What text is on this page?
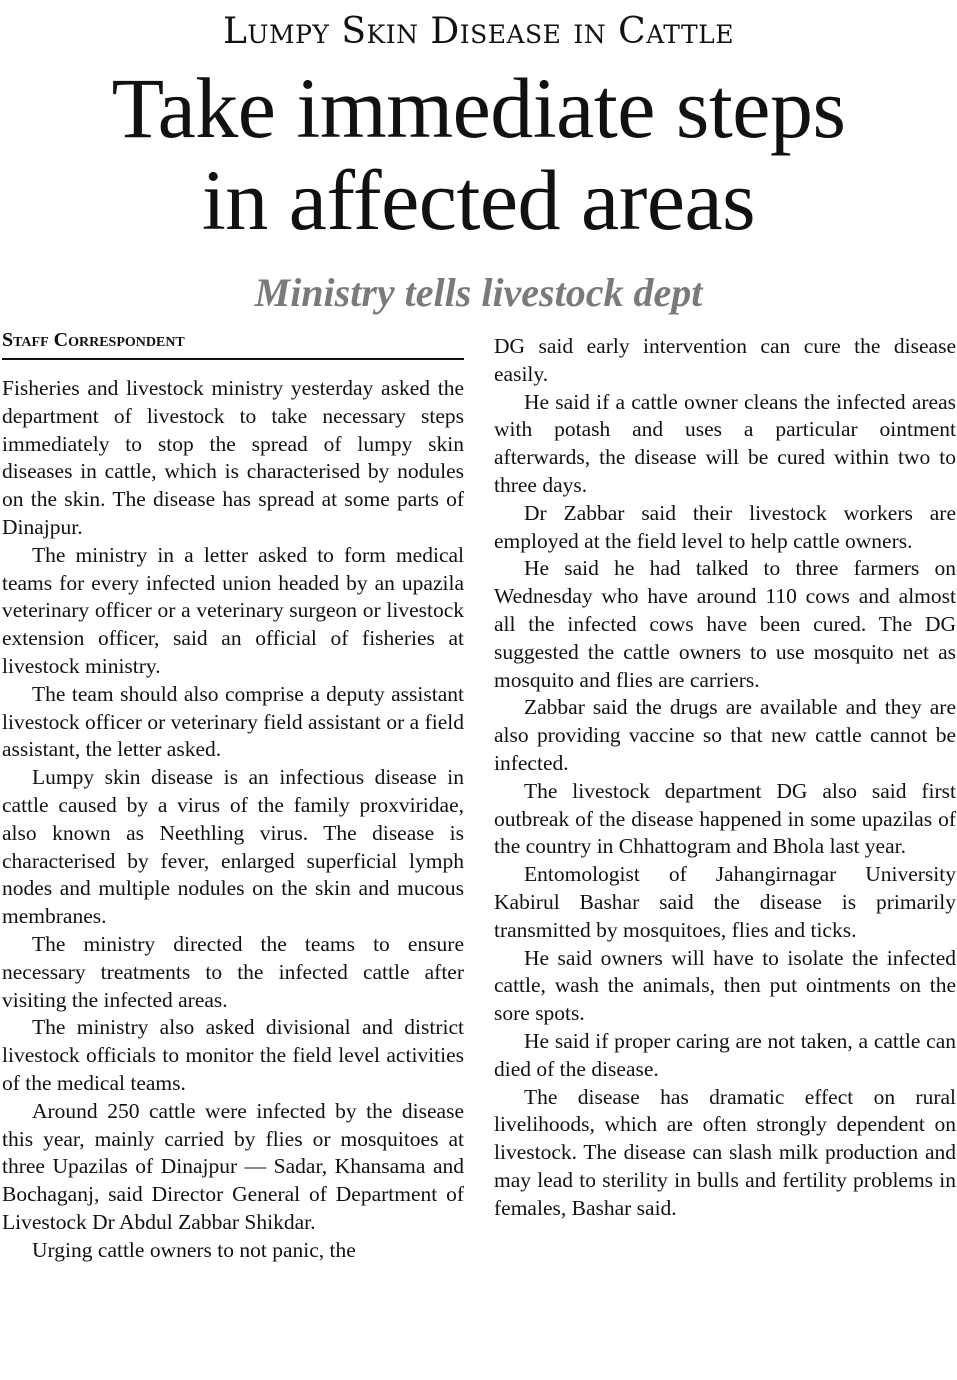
Lumpy Skin Disease in Cattle
Take immediate steps
in affected areas
Ministry tells livestock dept
Staff Correspondent

Fisheries and livestock ministry yesterday asked the department of livestock to take necessary steps immediately to stop the spread of lumpy skin diseases in cattle, which is characterised by nodules on the skin. The disease has spread at some parts of Dinajpur.

The ministry in a letter asked to form medical teams for every infected union headed by an upazila veterinary officer or a veterinary surgeon or livestock extension officer, said an official of fisheries at livestock ministry.

The team should also comprise a deputy assistant livestock officer or veterinary field assistant or a field assistant, the letter asked.

Lumpy skin disease is an infectious disease in cattle caused by a virus of the family proxviridae, also known as Neethling virus. The disease is characterised by fever, enlarged superficial lymph nodes and multiple nodules on the skin and mucous membranes.

The ministry directed the teams to ensure necessary treatments to the infected cattle after visiting the infected areas.

The ministry also asked divisional and district livestock officials to monitor the field level activities of the medical teams.

Around 250 cattle were infected by the disease this year, mainly carried by flies or mosquitoes at three Upazilas of Dinajpur — Sadar, Khansama and Bochaganj, said Director General of Department of Livestock Dr Abdul Zabbar Shikdar.

Urging cattle owners to not panic, the

DG said early intervention can cure the disease easily.

He said if a cattle owner cleans the infected areas with potash and uses a particular ointment afterwards, the disease will be cured within two to three days.

Dr Zabbar said their livestock workers are employed at the field level to help cattle owners.

He said he had talked to three farmers on Wednesday who have around 110 cows and almost all the infected cows have been cured. The DG suggested the cattle owners to use mosquito net as mosquito and flies are carriers.

Zabbar said the drugs are available and they are also providing vaccine so that new cattle cannot be infected.

The livestock department DG also said first outbreak of the disease happened in some upazilas of the country in Chhattogram and Bhola last year.

Entomologist of Jahangirnagar University Kabirul Bashar said the disease is primarily transmitted by mosquitoes, flies and ticks.

He said owners will have to isolate the infected cattle, wash the animals, then put ointments on the sore spots.

He said if proper caring are not taken, a cattle can died of the disease.

The disease has dramatic effect on rural livelihoods, which are often strongly dependent on livestock. The disease can slash milk production and may lead to sterility in bulls and fertility problems in females, Bashar said.
